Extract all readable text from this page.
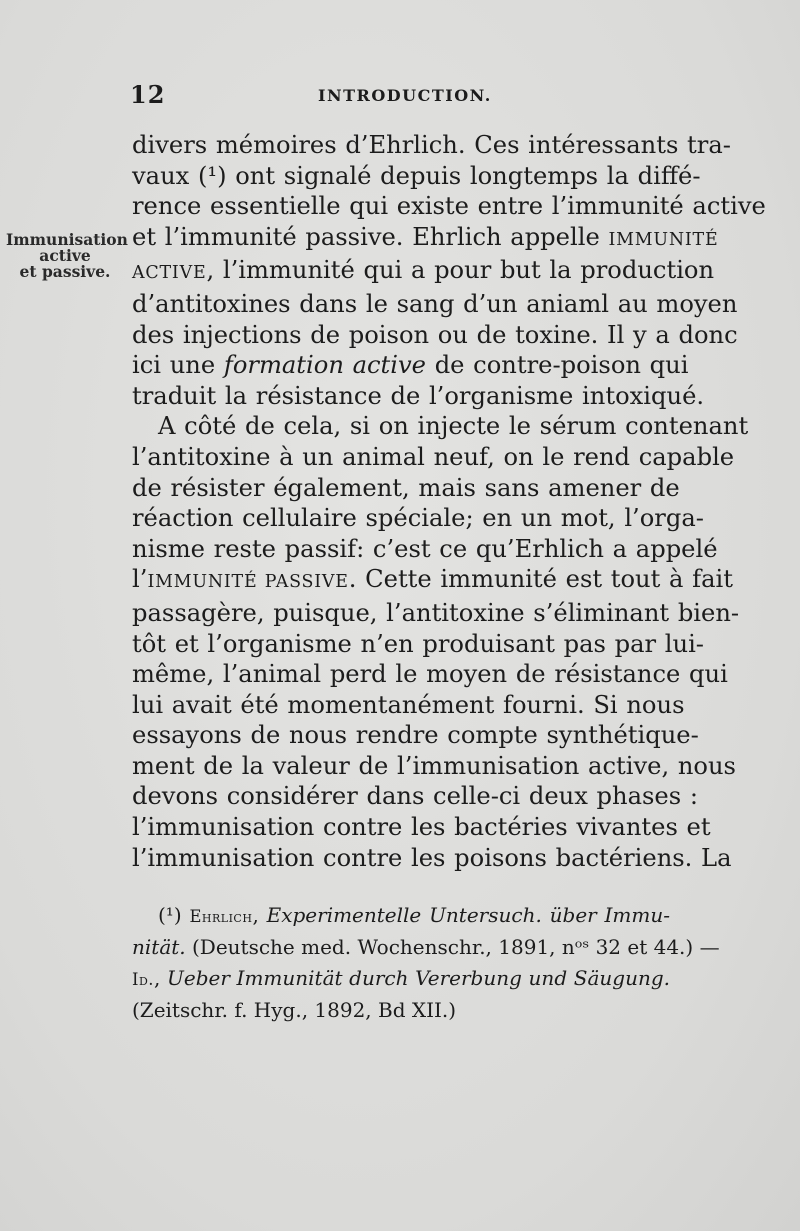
12	INTRODUCTION.
Immunisation
active
et passive.
divers mémoires d’Ehrlich. Ces intéressants tra-
vaux (¹) ont signalé depuis longtemps la diffé-
rence essentielle qui existe entre l’immunité active
et l’immunité passive. Ehrlich appelle IMMUNITÉ
ACTIVE, l’immunité qui a pour but la production
d’antitoxines dans le sang d’un aniaml au moyen
des injections de poison ou de toxine. Il y a donc
ici une formation active de contre-poison qui
traduit la résistance de l’organisme intoxiqué.
A côté de cela, si on injecte le sérum contenant
l’antitoxine à un animal neuf, on le rend capable
de résister également, mais sans amener de
réaction cellulaire spéciale; en un mot, l’orga-
nisme reste passif: c’est ce qu’Erhlich a appelé
l’IMMUNITÉ PASSIVE. Cette immunité est tout à fait
passagère, puisque, l’antitoxine s’éliminant bien-
tôt et l’organisme n’en produisant pas par lui-
même, l’animal perd le moyen de résistance qui
lui avait été momentanément fourni. Si nous
essayons de nous rendre compte synthétique-
ment de la valeur de l’immunisation active, nous
devons considérer dans celle-ci deux phases :
l’immunisation contre les bactéries vivantes et
l’immunisation contre les poisons bactériens. La
(¹) Ehrlich, Experimentelle Untersuch. über Immu-
nität. (Deutsche med. Wochenschr., 1891, nᵒˢ 32 et 44.) —
Id., Ueber Immunität durch Vererbung und Säugung.
(Zeitschr. f. Hyg., 1892, Bd XII.)
